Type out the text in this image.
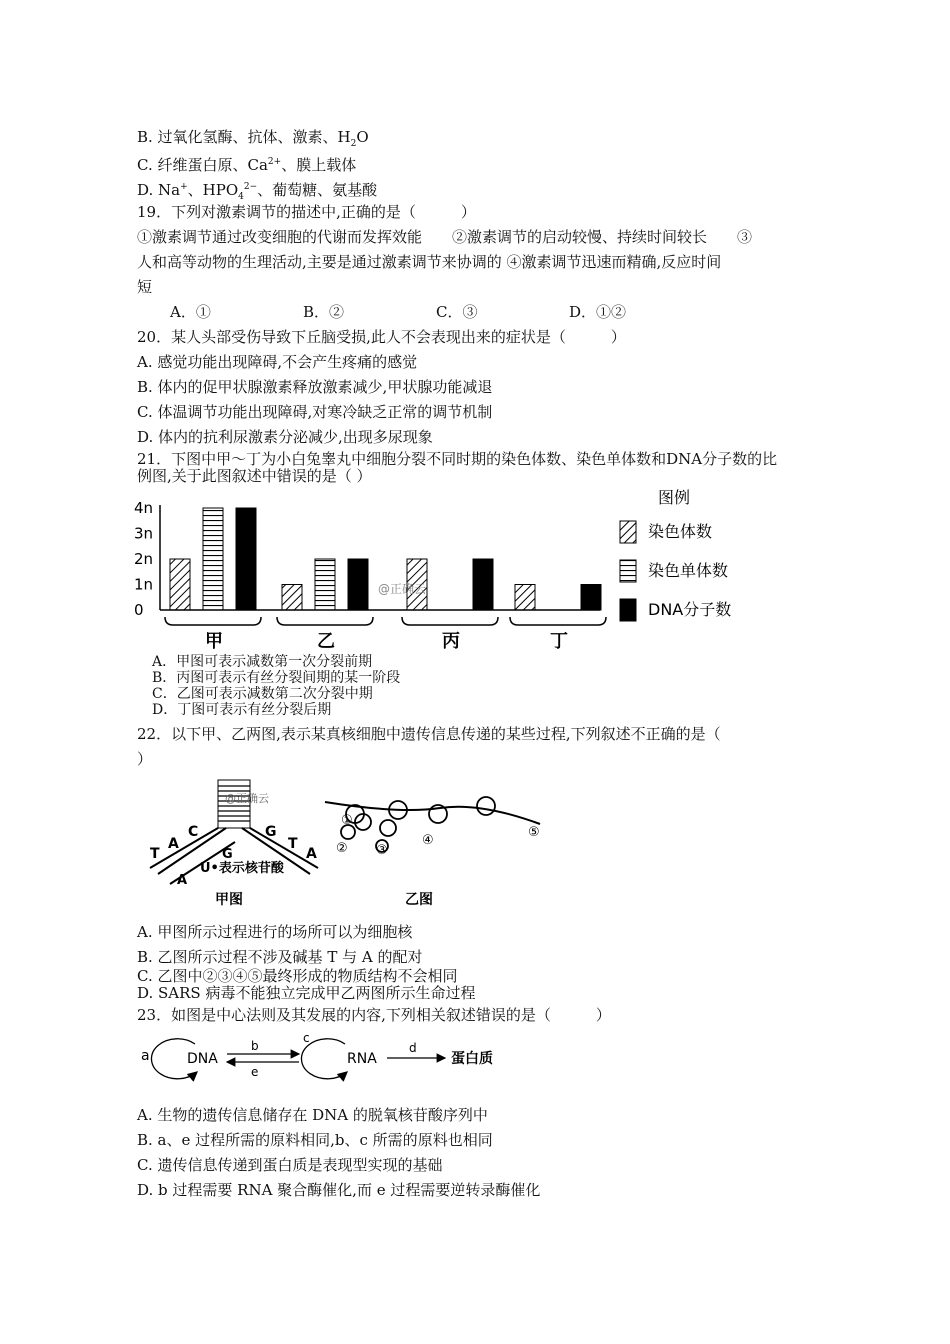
B. 过氧化氢酶、抗体、激素、$H_2O$
C. 纤维蛋白原、$Ca^{2+}$、膜上载体
D. Na+、$HPO_4^{2-}$、葡萄糖、氨基酸
19．下列对激素调节的描述中,正确的是（　　　）
①激素调节通过改变细胞的代谢而发挥效能　　②激素调节的启动较慢、持续时间较长　　③
人和高等动物的生理活动,主要是通过激素调节来协调的 ④激素调节迅速而精确,反应时间
短
A．①	B．②	C．③	D．①②
20．某人头部受伤导致下丘脑受损,此人不会表现出来的症状是（　　　）
A. 感觉功能出现障碍,不会产生疼痛的感觉
B. 体内的促甲状腺激素释放激素减少,甲状腺功能减退
C. 体温调节功能出现障碍,对寒冷缺乏正常的调节机制
D. 体内的抗利尿激素分泌减少,出现多尿现象
21．下图中甲～丁为小白兔睾丸中细胞分裂不同时期的染色体数、染色单体数和DNA分子数的比
例图,关于此图叙述中错误的是（ ）
0
1n
2n
3n
4n
甲	乙	丙	丁
@正确云
图例
染色体数
染色单体数
DNA分子数
A．甲图可表示减数第一次分裂前期
B．丙图可表示有丝分裂间期的某一阶段
C．乙图可表示减数第二次分裂中期
D．丁图可表示有丝分裂后期
22．以下甲、乙两图,表示某真核细胞中遗传信息传递的某些过程,下列叙述不正确的是（
）
T
A
C	G
T
A
A
G
U•表示核苷酸
@正确云
甲图
①
② ③
④
⑤
乙图
A. 甲图所示过程进行的场所可以为细胞核
B. 乙图所示过程不涉及碱基 T 与 A 的配对
C. 乙图中②③④⑤最终形成的物质结构不会相同
D. SARS 病毒不能独立完成甲乙两图所示生命过程
23．如图是中心法则及其发展的内容,下列相关叙述错误的是（　　　）
a	DNA
b
e
c
RNA
d
蛋白质
A. 生物的遗传信息储存在 DNA 的脱氧核苷酸序列中
B. a、e 过程所需的原料相同,b、c 所需的原料也相同
C. 遗传信息传递到蛋白质是表现型实现的基础
D. b 过程需要 RNA 聚合酶催化,而 e 过程需要逆转录酶催化
